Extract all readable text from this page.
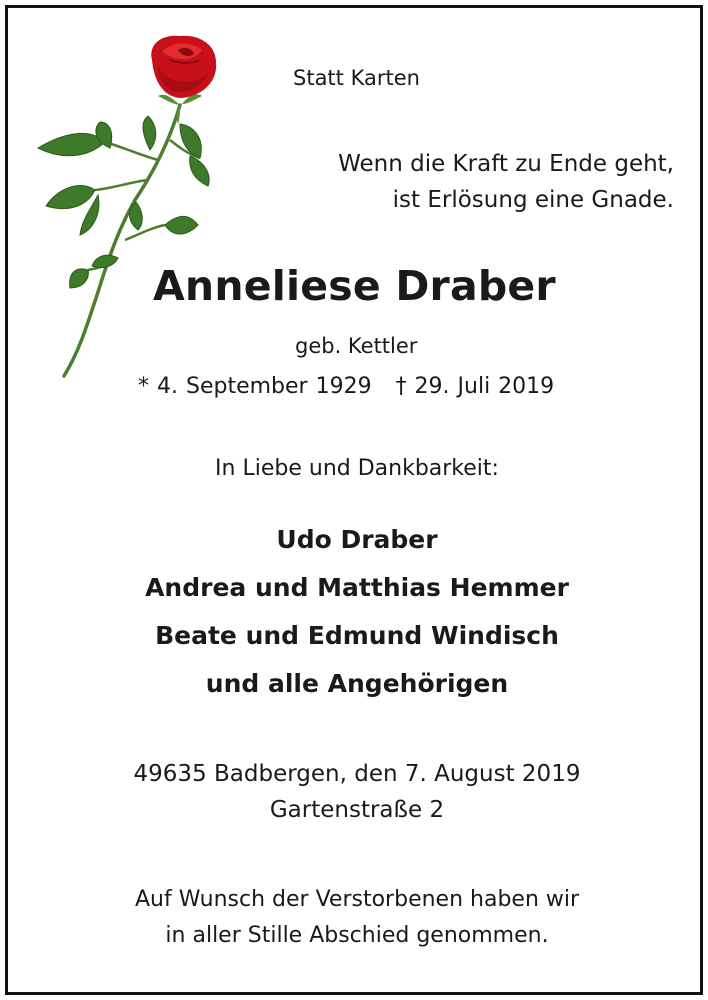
Statt Karten
Wenn die Kraft zu Ende geht,
ist Erlösung eine Gnade.
Anneliese Draber
geb. Kettler
* 4. September 1929 † 29. Juli 2019
In Liebe und Dankbarkeit:
Udo Draber
Andrea und Matthias Hemmer
Beate und Edmund Windisch
und alle Angehörigen
49635 Badbergen, den 7. August 2019
Gartenstraße 2
Auf Wunsch der Verstorbenen haben wir
in aller Stille Abschied genommen.
